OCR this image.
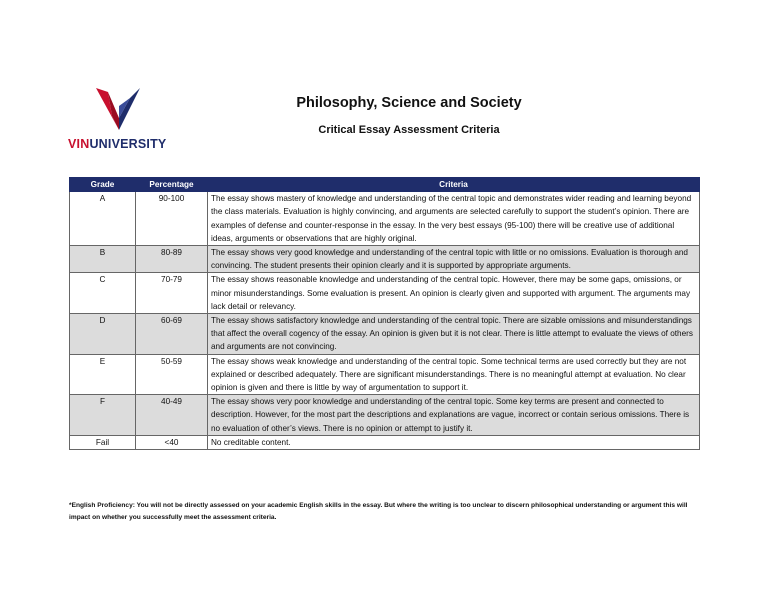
VINUNIVERSITY
Philosophy, Science and Society
Critical Essay Assessment Criteria
Grade	Percentage	Criteria
A	90-100	The essay shows mastery of knowledge and understanding of the central topic and demonstrates wider reading and learning beyond the class materials. Evaluation is highly convincing, and arguments are selected carefully to support the student’s opinion. There are examples of defense and counter-response in the essay. In the very best essays (95-100) there will be creative use of additional ideas, arguments or observations that are highly original.
B	80-89	The essay shows very good knowledge and understanding of the central topic with little or no omissions. Evaluation is thorough and convincing. The student presents their opinion clearly and it is supported by appropriate arguments.
C	70-79	The essay shows reasonable knowledge and understanding of the central topic. However, there may be some gaps, omissions, or minor misunderstandings. Some evaluation is present. An opinion is clearly given and supported with argument. The arguments may lack detail or relevancy.
D	60-69	The essay shows satisfactory knowledge and understanding of the central topic. There are sizable omissions and misunderstandings that affect the overall cogency of the essay. An opinion is given but it is not clear. There is little attempt to evaluate the views of others and arguments are not convincing.
E	50-59	The essay shows weak knowledge and understanding of the central topic. Some technical terms are used correctly but they are not explained or described adequately. There are significant misunderstandings. There is no meaningful attempt at evaluation. No clear opinion is given and there is little by way of argumentation to support it.
F	40-49	The essay shows very poor knowledge and understanding of the central topic. Some key terms are present and connected to description. However, for the most part the descriptions and explanations are vague, incorrect or contain serious omissions. There is no evaluation of other’s views. There is no opinion or attempt to justify it.
Fail	<40	No creditable content.
*English Proficiency: You will not be directly assessed on your academic English skills in the essay. But where the writing is too unclear to discern philosophical understanding or argument this will impact on whether you successfully meet the assessment criteria.
